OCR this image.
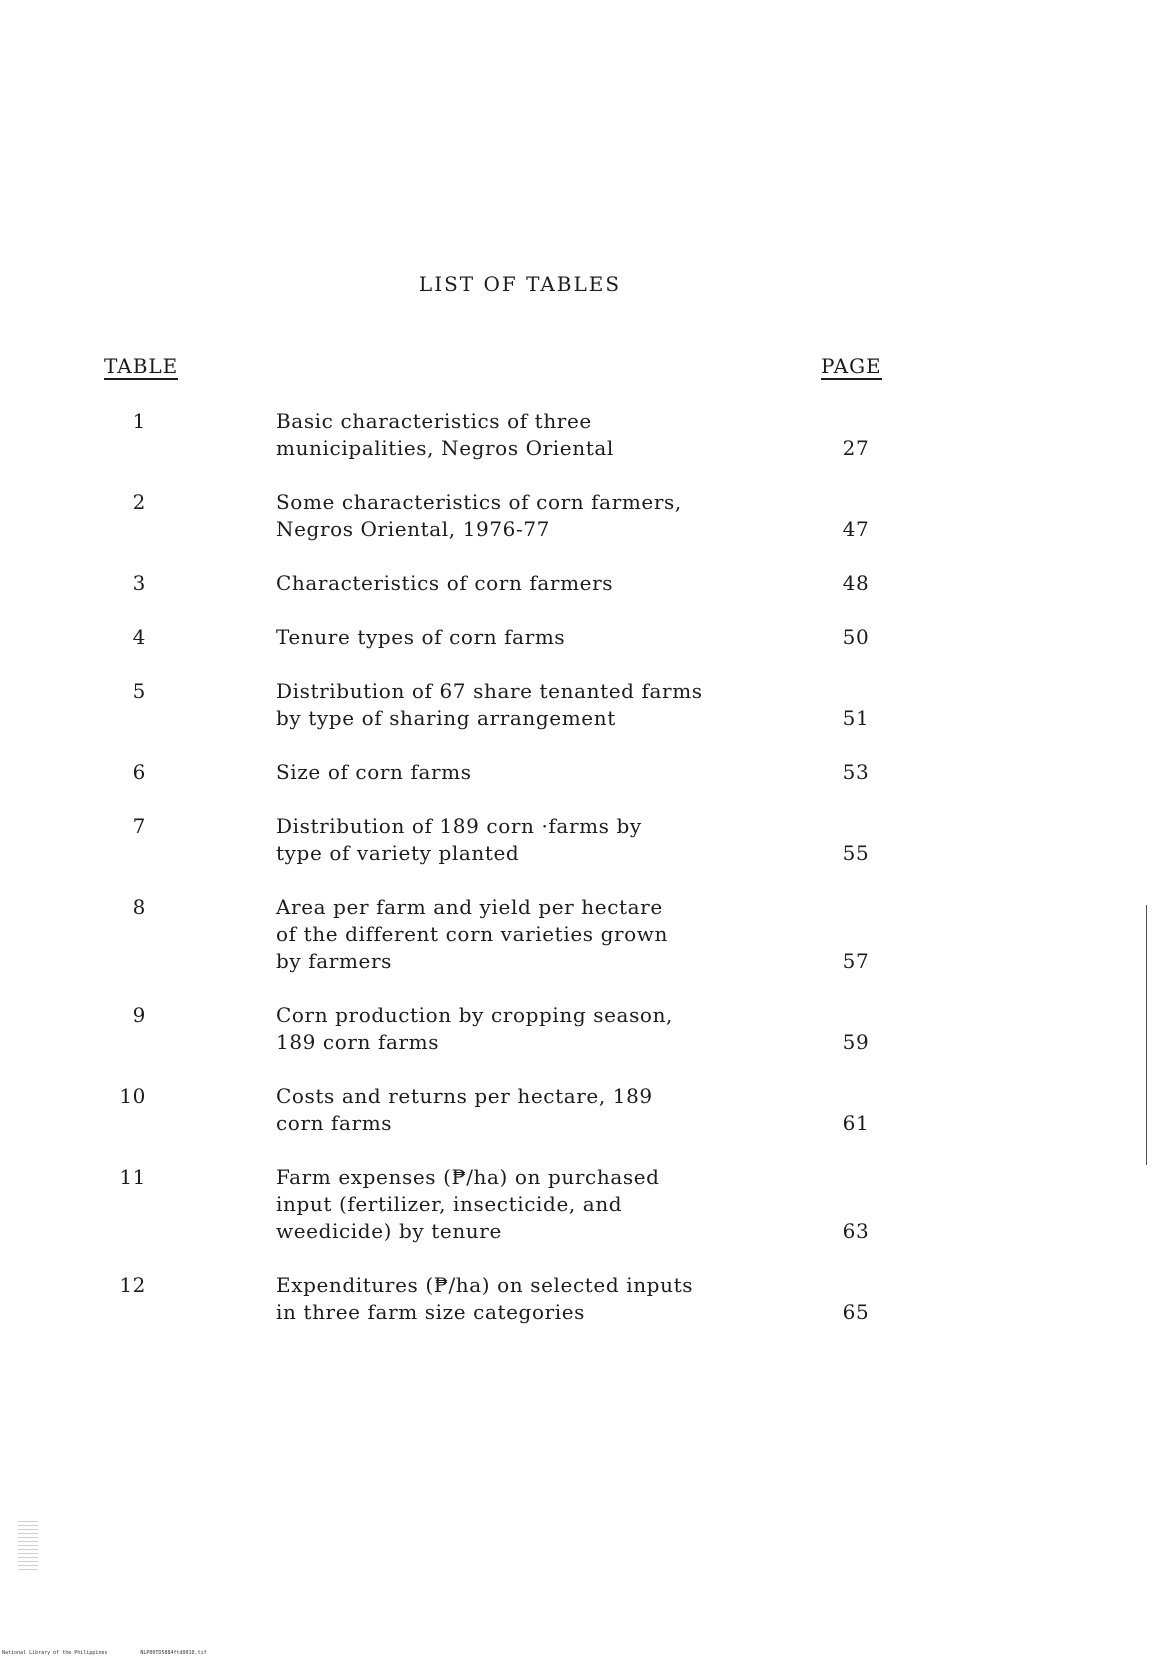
LIST OF TABLES
TABLE	PAGE
1	Basic characteristics of three
municipalities, Negros Oriental	27
2	Some characteristics of corn farmers,
Negros Oriental, 1976-77	47
3	Characteristics of corn farmers	48
4	Tenure types of corn farms	50
5	Distribution of 67 share tenanted farms
by type of sharing arrangement	51
6	Size of corn farms	53
7	Distribution of 189 corn ·farms by
type of variety planted	55
8	Area per farm and yield per hectare
of the different corn varieties grown
by farmers	57
9	Corn production by cropping season,
189 corn farms	59
10	Costs and returns per hectare, 189
corn farms	61
11	Farm expenses (₱/ha) on purchased
input (fertilizer, insecticide, and
weedicide) by tenure	63
12	Expenditures (₱/ha) on selected inputs
in three farm size categories	65
National Library of the Philippines	NLP00TD5884ftd0010.tif
